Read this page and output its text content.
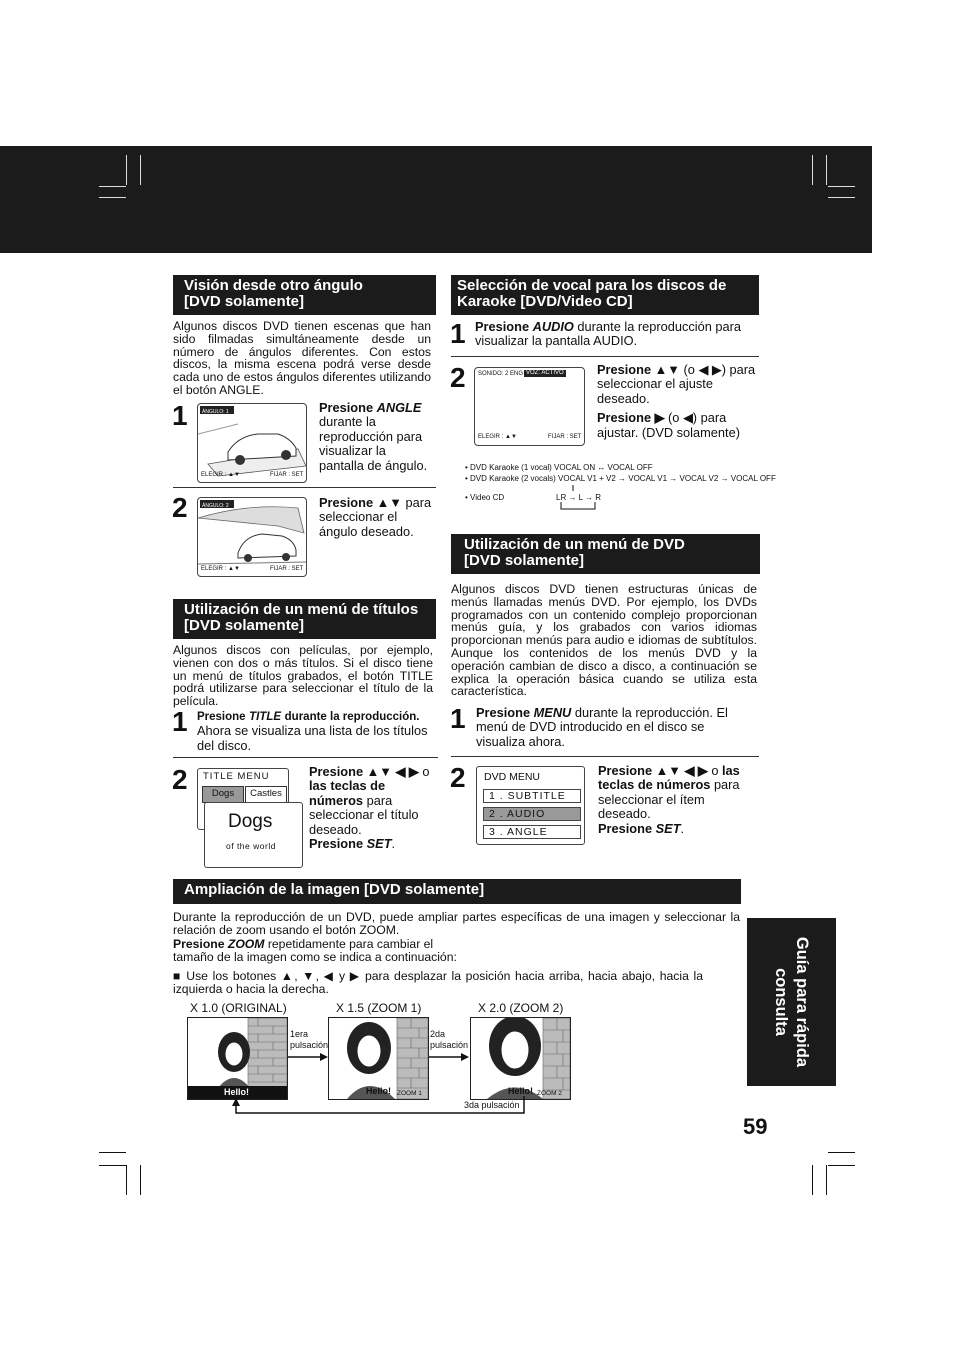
Visión desde otro ángulo
[DVD solamente]
Algunos discos DVD tienen escenas que han sido filmadas simultáneamente desde un número de ángulos diferentes. Con estos discos, la misma escena podrá verse desde cada uno de estos ángulos diferentes utilizando el botón ANGLE.
1	ÁNGULO: 1
ELEGIR : ▲▼	FIJAR : SET
Presione ANGLE durante la reproducción para visualizar la pantalla de ángulo.
2	ÁNGULO: 2
ELEGIR : ▲▼	FIJAR : SET
Presione ▲▼ para seleccionar el ángulo deseado.
Utilización de un menú de títulos
[DVD solamente]
Algunos discos con películas, por ejemplo, vienen con dos o más títulos. Si el disco tiene un menú de títulos grabados, el botón TITLE podrá utilizarse para seleccionar el título de la película.
1 Presione TITLE durante la reproducción.
Ahora se visualiza una lista de los títulos del disco.
2 TITLE MENU
Dogs	Castles
Dogs
of the world
Presione ▲▼ ◀ ▶ o las teclas de números para seleccionar el título deseado.
Presione SET.
Selección de vocal para los discos de
Karaoke [DVD/Video CD]
1 Presione AUDIO durante la reproducción para visualizar la pantalla AUDIO.
2 SONIDO: 2 ENG VOZ: ACTIVO
ELEGIR : ▲▼	FIJAR : SET
Presione ▲▼ (o ◀ ▶) para seleccionar el ajuste deseado.
Presione ▶ (o ◀) para ajustar. (DVD solamente)
• DVD Karaoke (1 vocal) VOCAL ON ↔ VOCAL OFF
• DVD Karaoke (2 vocals) VOCAL V1 + V2 → VOCAL V1 → VOCAL V2 → VOCAL OFF
• Video CD	LR → L → R
Utilización de un menú de DVD
[DVD solamente]
Algunos discos DVD tienen estructuras únicas de menús llamadas menús DVD. Por ejemplo, los DVDs programados con un contenido complejo proporcionan menús guía, y los grabados con varios idiomas proporcionan menús para audio e idiomas de subtítulos. Aunque los contenidos de los menús DVD y la operación cambian de disco a disco, a continuación se explica la operación básica cuando se utiliza esta característica.
1 Presione MENU durante la reproducción. El menú de DVD introducido en el disco se visualiza ahora.
2 DVD MENU
1 . SUBTITLE
2 . AUDIO
3 . ANGLE
Presione ▲▼ ◀ ▶ o las teclas de números para seleccionar el ítem deseado.
Presione SET.
Ampliación de la imagen [DVD solamente]
Durante la reproducción de un DVD, puede ampliar partes específicas de una imagen y seleccionar la relación de zoom usando el botón ZOOM.
Presione ZOOM repetidamente para cambiar el
tamaño de la imagen como se indica a continuación:
■ Use los botones ▲, ▼, ◀ y ▶ para desplazar la posición hacia arriba, hacia abajo, hacia la izquierda o hacia la derecha.
X 1.0 (ORIGINAL)	X 1.5 (ZOOM 1)	X 2.0 (ZOOM 2)
Hello!	Hello! ZOOM 1	Hello! ZOOM 2
1era
pulsación
2da
pulsación
3da pulsación
Guía para rápida
consulta
59
